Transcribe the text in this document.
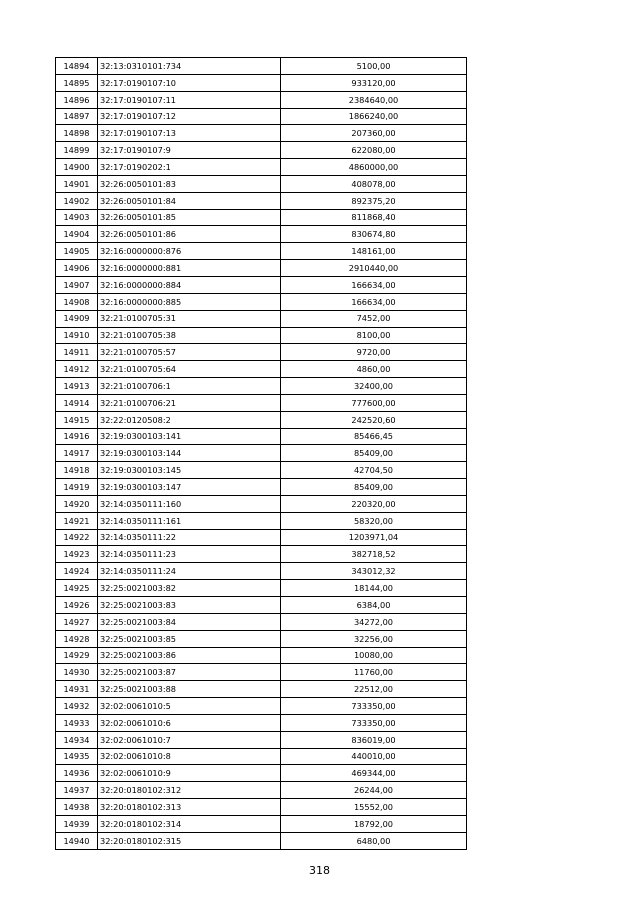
14894	32:13:0310101:734	5100,00
14895	32:17:0190107:10	933120,00
14896	32:17:0190107:11	2384640,00
14897	32:17:0190107:12	1866240,00
14898	32:17:0190107:13	207360,00
14899	32:17:0190107:9	622080,00
14900	32:17:0190202:1	4860000,00
14901	32:26:0050101:83	408078,00
14902	32:26:0050101:84	892375,20
14903	32:26:0050101:85	811868,40
14904	32:26:0050101:86	830674,80
14905	32:16:0000000:876	148161,00
14906	32:16:0000000:881	2910440,00
14907	32:16:0000000:884	166634,00
14908	32:16:0000000:885	166634,00
14909	32:21:0100705:31	7452,00
14910	32:21:0100705:38	8100,00
14911	32:21:0100705:57	9720,00
14912	32:21:0100705:64	4860,00
14913	32:21:0100706:1	32400,00
14914	32:21:0100706:21	777600,00
14915	32:22:0120508:2	242520,60
14916	32:19:0300103:141	85466,45
14917	32:19:0300103:144	85409,00
14918	32:19:0300103:145	42704,50
14919	32:19:0300103:147	85409,00
14920	32:14:0350111:160	220320,00
14921	32:14:0350111:161	58320,00
14922	32:14:0350111:22	1203971,04
14923	32:14:0350111:23	382718,52
14924	32:14:0350111:24	343012,32
14925	32:25:0021003:82	18144,00
14926	32:25:0021003:83	6384,00
14927	32:25:0021003:84	34272,00
14928	32:25:0021003:85	32256,00
14929	32:25:0021003:86	10080,00
14930	32:25:0021003:87	11760,00
14931	32:25:0021003:88	22512,00
14932	32:02:0061010:5	733350,00
14933	32:02:0061010:6	733350,00
14934	32:02:0061010:7	836019,00
14935	32:02:0061010:8	440010,00
14936	32:02:0061010:9	469344,00
14937	32:20:0180102:312	26244,00
14938	32:20:0180102:313	15552,00
14939	32:20:0180102:314	18792,00
14940	32:20:0180102:315	6480,00
318
